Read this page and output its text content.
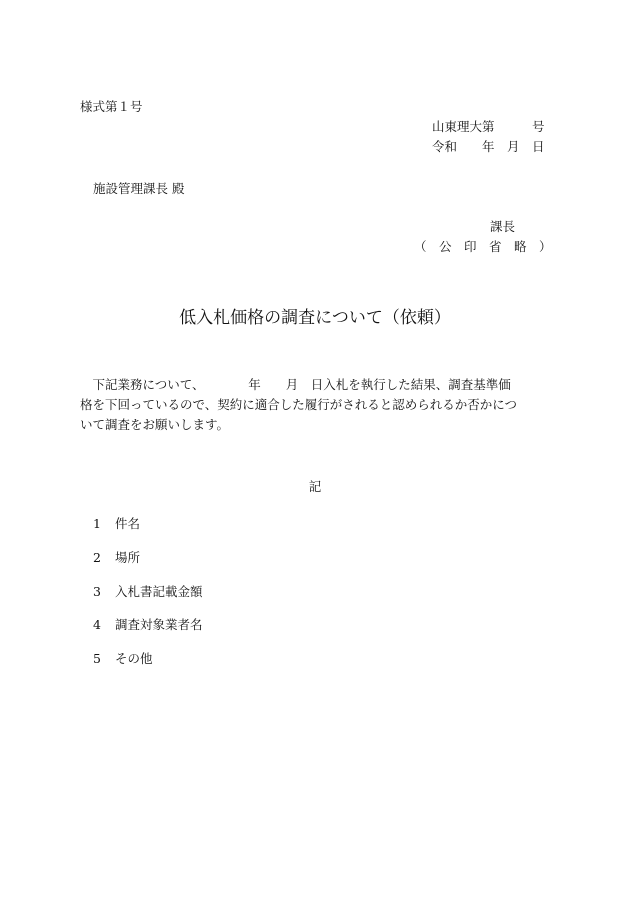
様式第１号
山東理大第　　　号
令和　　年　月　日
施設管理課長 殿
課長
（　公　印　省　略　）
低入札価格の調査について（依頼）
　下記業務について、　　　　年　　月　日入札を執行した結果、調査基準価
格を下回っているので、契約に適合した履行がされると認められるか否かにつ
いて調査をお願いします。
記
1 件名
2 場所
3 入札書記載金額
4 調査対象業者名
5 その他
